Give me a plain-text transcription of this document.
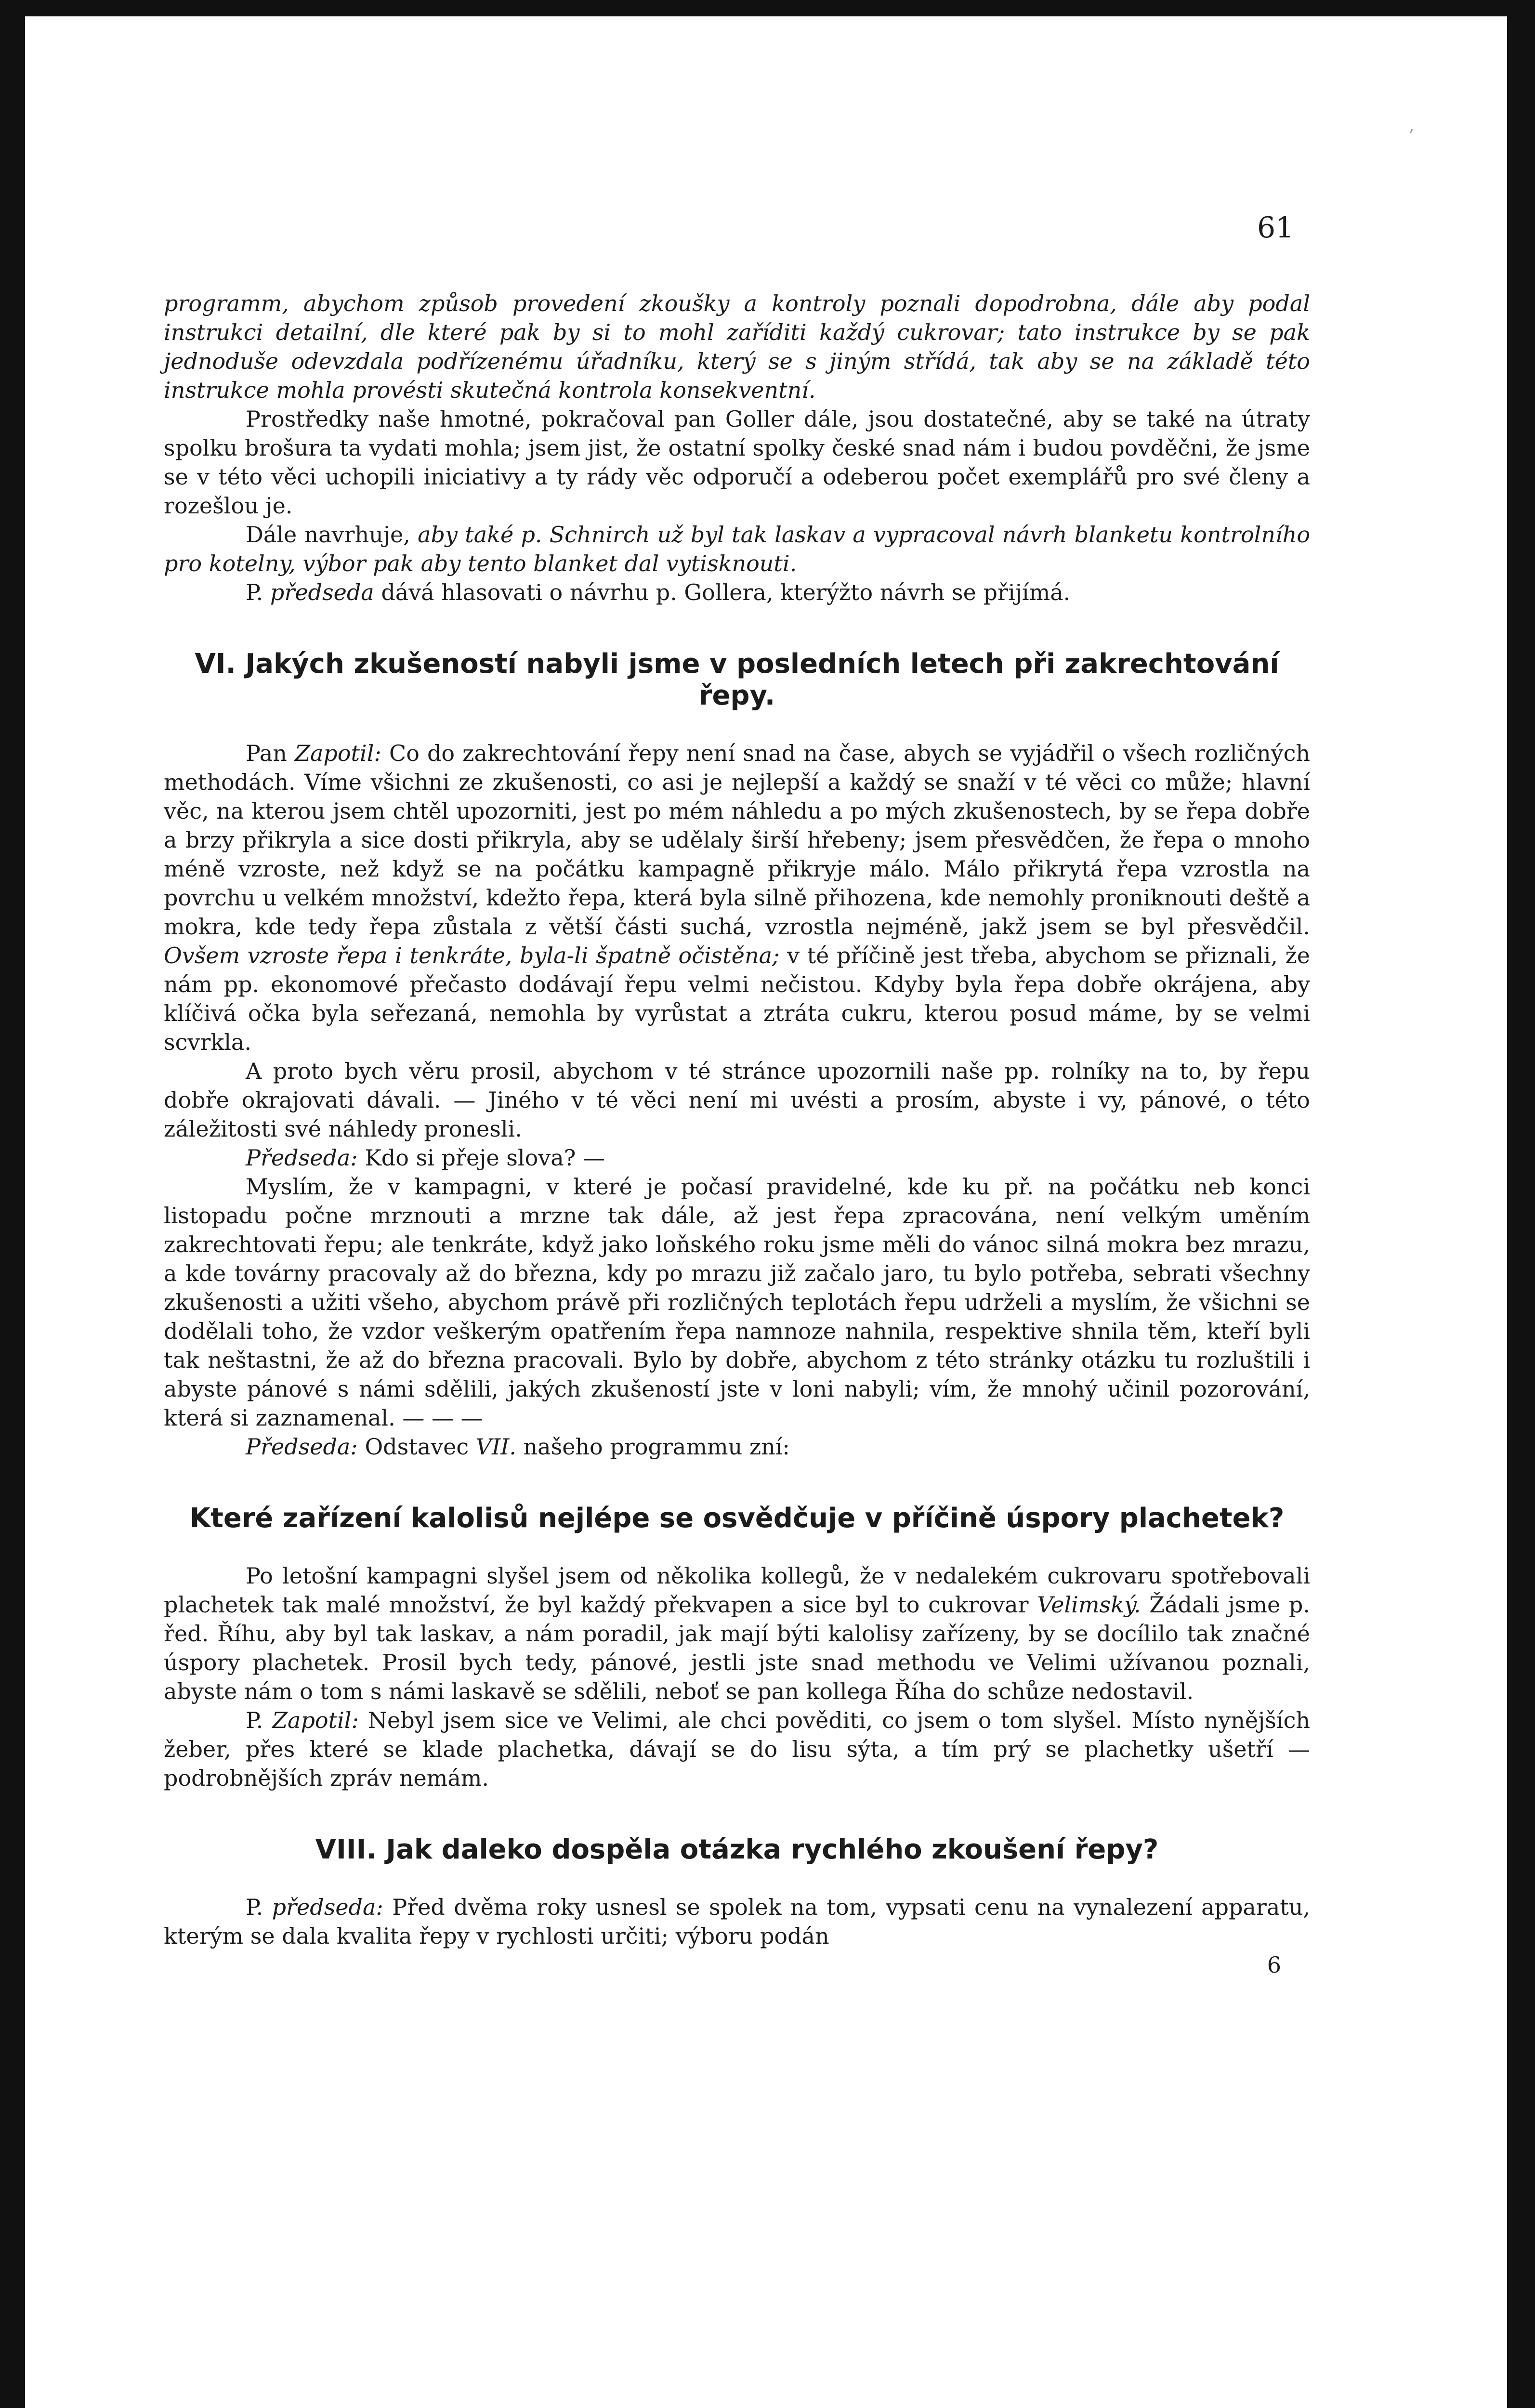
,
61

programm, abychom způsob provedení zkoušky a kontroly poznali dopodrobna, dále aby podal instrukci detailní, dle které pak by si to mohl zaříditi každý cukrovar; tato instrukce by se pak jednoduše odevzdala podřízenému úřadníku, který se s jiným střídá, tak aby se na základě této instrukce mohla provésti skutečná kontrola konsekventní.

Prostředky naše hmotné, pokračoval pan Goller dále, jsou dostatečné, aby se také na útraty spolku brošura ta vydati mohla; jsem jist, že ostatní spolky české snad nám i budou povděčni, že jsme se v této věci uchopili iniciativy a ty rády věc odporučí a odeberou počet exemplářů pro své členy a rozešlou je.

Dále navrhuje, aby také p. Schnirch už byl tak laskav a vypracoval návrh blanketu kontrolního pro kotelny, výbor pak aby tento blanket dal vytisknouti.

P. předseda dává hlasovati o návrhu p. Gollera, kterýžto návrh se přijímá.

VI. Jakých zkušeností nabyli jsme v posledních letech při zakrechtování řepy.

Pan Zapotil: Co do zakrechtování řepy není snad na čase, abych se vyjádřil o všech rozličných methodách. Víme všichni ze zkušenosti, co asi je nejlepší a každý se snaží v té věci co může; hlavní věc, na kterou jsem chtěl upozorniti, jest po mém náhledu a po mých zkušenostech, by se řepa dobře a brzy přikryla a sice dosti přikryla, aby se udělaly širší hřebeny; jsem přesvědčen, že řepa o mnoho méně vzroste, než když se na počátku kampagně přikryje málo. Málo přikrytá řepa vzrostla na povrchu u velkém množství, kdežto řepa, která byla silně přihozena, kde nemohly proniknouti deště a mokra, kde tedy řepa zůstala z větší části suchá, vzrostla nejméně, jakž jsem se byl přesvědčil. Ovšem vzroste řepa i tenkráte, byla-li špatně očistěna; v té příčině jest třeba, abychom se přiznali, že nám pp. ekonomové přečasto dodávají řepu velmi nečistou. Kdyby byla řepa dobře okrájena, aby klíčivá očka byla seřezaná, nemohla by vyrůstat a ztráta cukru, kterou posud máme, by se velmi scvrkla.

A proto bych věru prosil, abychom v té stránce upozornili naše pp. rolníky na to, by řepu dobře okrajovati dávali. — Jiného v té věci není mi uvésti a prosím, abyste i vy, pánové, o této záležitosti své náhledy pronesli.

Předseda: Kdo si přeje slova? —

Myslím, že v kampagni, v které je počasí pravidelné, kde ku př. na počátku neb konci listopadu počne mrznouti a mrzne tak dále, až jest řepa zpracována, není velkým uměním zakrechtovati řepu; ale tenkráte, když jako loňského roku jsme měli do vánoc silná mokra bez mrazu, a kde továrny pracovaly až do března, kdy po mrazu již začalo jaro, tu bylo potřeba, sebrati všechny zkušenosti a užiti všeho, abychom právě při rozličných teplotách řepu udrželi a myslím, že všichni se dodělali toho, že vzdor veškerým opatřením řepa namnoze nahnila, respektive shnila těm, kteří byli tak neštastni, že až do března pracovali. Bylo by dobře, abychom z této stránky otázku tu rozluštili i abyste pánové s námi sdělili, jakých zkušeností jste v loni nabyli; vím, že mnohý učinil pozorování, která si zaznamenal. — — —

Předseda: Odstavec VII. našeho programmu zní:

Které zařízení kalolisů nejlépe se osvědčuje v příčině úspory plachetek?

Po letošní kampagni slyšel jsem od několika kollegů, že v nedalekém cukrovaru spotřebovali plachetek tak malé množství, že byl každý překvapen a sice byl to cukrovar Velimský. Žádali jsme p. řed. Říhu, aby byl tak laskav, a nám poradil, jak mají býti kalolisy zařízeny, by se docílilo tak značné úspory plachetek. Prosil bych tedy, pánové, jestli jste snad methodu ve Velimi užívanou poznali, abyste nám o tom s námi laskavě se sdělili, neboť se pan kollega Říha do schůze nedostavil.

P. Zapotil: Nebyl jsem sice ve Velimi, ale chci pověditi, co jsem o tom slyšel. Místo nynějších žeber, přes které se klade plachetka, dávají se do lisu sýta, a tím prý se plachetky ušetří — podrobnějších zpráv nemám.

VIII. Jak daleko dospěla otázka rychlého zkoušení řepy?

P. předseda: Před dvěma roky usnesl se spolek na tom, vypsati cenu na vynalezení apparatu, kterým se dala kvalita řepy v rychlosti určiti; výboru podán

6
